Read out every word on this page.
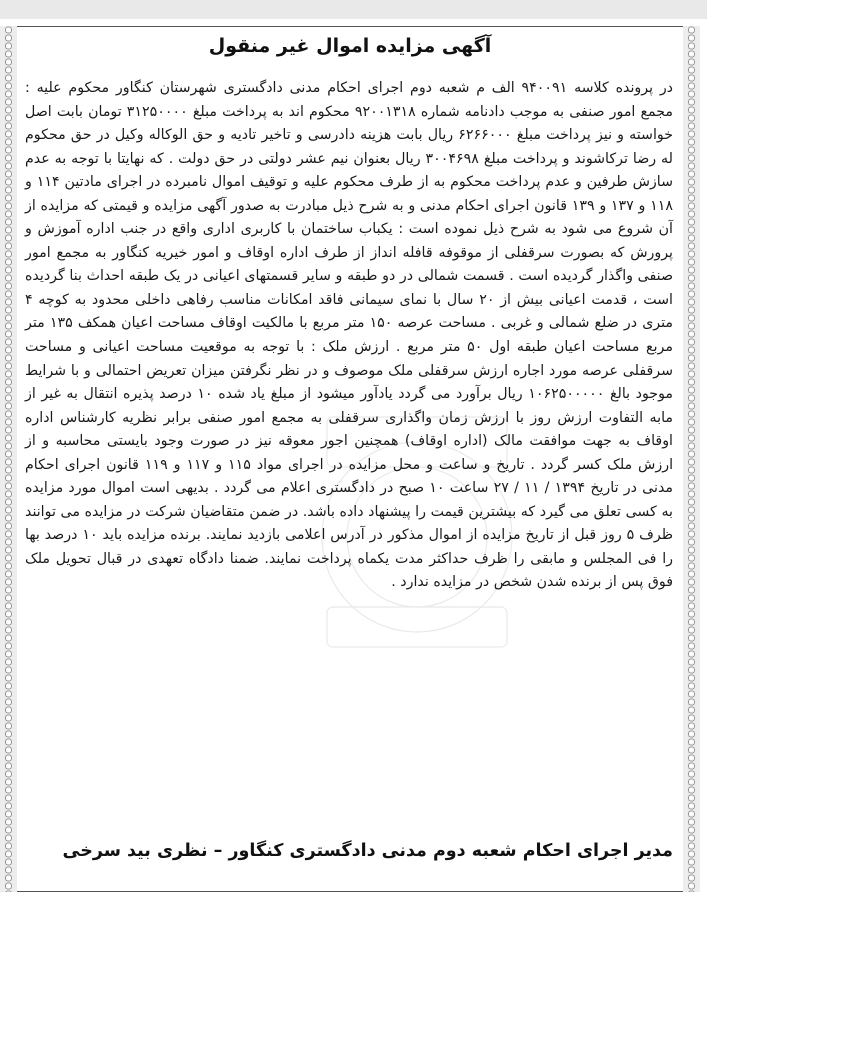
آگهی مزایده اموال غیر منقول

در پرونده کلاسه ۹۴۰۰۹۱ الف م شعبه دوم اجرای احکام مدنی دادگستری شهرستان کنگاور محکوم علیه : مجمع امور صنفی به موجب دادنامه شماره ۹۲۰۰۱۳۱۸ محکوم اند به پرداخت مبلغ ۳۱۲۵۰۰۰۰ تومان بابت اصل خواسته و نیز پرداخت مبلغ ۶۲۶۶۰۰۰ ریال بابت هزینه دادرسی و تاخیر تادیه و حق الوکاله وکیل در حق محکوم له رضا ترکاشوند و پرداخت مبلغ ۳۰۰۴۶۹۸ ریال بعنوان نیم عشر دولتی در حق دولت . که نهایتا با توجه به عدم سازش طرفین و عدم پرداخت محکوم به از طرف محکوم علیه و توقیف اموال نامبرده در اجرای مادتین ۱۱۴ و ۱۱۸ و ۱۳۷ و ۱۳۹ قانون اجرای احکام مدنی و به شرح ذیل مبادرت به صدور آگهی مزایده و قیمتی که مزایده از آن شروع می شود به شرح ذیل نموده است : یکباب ساختمان با کاربری اداری واقع در جنب اداره آموزش و پرورش که بصورت سرقفلی از موقوفه قافله انداز از طرف اداره اوقاف و امور خیریه کنگاور به مجمع امور صنفی واگذار گردیده است . قسمت شمالی در دو طبقه و سایر قسمتهای اعیانی در یک طبقه احداث بنا گردیده است ، قدمت اعیانی بیش از ۲۰ سال با نمای سیمانی فاقد امکانات مناسب رفاهی داخلی محدود به کوچه ۴ متری در ضلع شمالی و غربی . مساحت عرصه ۱۵۰ متر مربع با مالکیت اوقاف مساحت اعیان همکف ۱۳۵ متر مربع مساحت اعیان طبقه اول ۵۰ متر مربع . ارزش ملک : با توجه به موقعیت مساحت اعیانی و مساحت سرقفلی عرصه مورد اجاره ارزش سرقفلی ملک موصوف و در نظر نگرفتن میزان تعریض احتمالی و با شرایط موجود بالغ ۱۰۶۲۵۰۰۰۰۰ ریال برآورد می گردد یادآور میشود از مبلغ یاد شده ۱۰ درصد پذیره انتقال به غیر از مابه التفاوت ارزش روز با ارزش زمان واگذاری سرقفلی به مجمع امور صنفی برابر نظریه کارشناس اداره اوقاف به جهت موافقت مالک (اداره اوقاف) همچنین اجور معوقه نیز در صورت وجود بایستی محاسبه و از ارزش ملک کسر گردد . تاریخ و ساعت و محل مزایده در اجرای مواد ۱۱۵ و ۱۱۷ و ۱۱۹ قانون اجرای احکام مدنی در تاریخ ۱۳۹۴ / ۱۱ / ۲۷ ساعت ۱۰ صبح در دادگستری اعلام می گردد . بدیهی است اموال مورد مزایده به کسی تعلق می گیرد که بیشترین قیمت را پیشنهاد داده باشد. در ضمن متقاضیان شرکت در مزایده می توانند ظرف ۵ روز قبل از تاریخ مزایده از اموال مذکور در آدرس اعلامی بازدید نمایند. برنده مزایده باید ۱۰ درصد بها را فی المجلس و مابقی را ظرف حداکثر مدت یکماه پرداخت نمایند. ضمنا دادگاه تعهدی در قبال تحویل ملک فوق پس از برنده شدن شخص در مزایده ندارد .

مدیر اجرای احکام شعبه دوم مدنی دادگستری کنگاور – نظری بید سرخی
